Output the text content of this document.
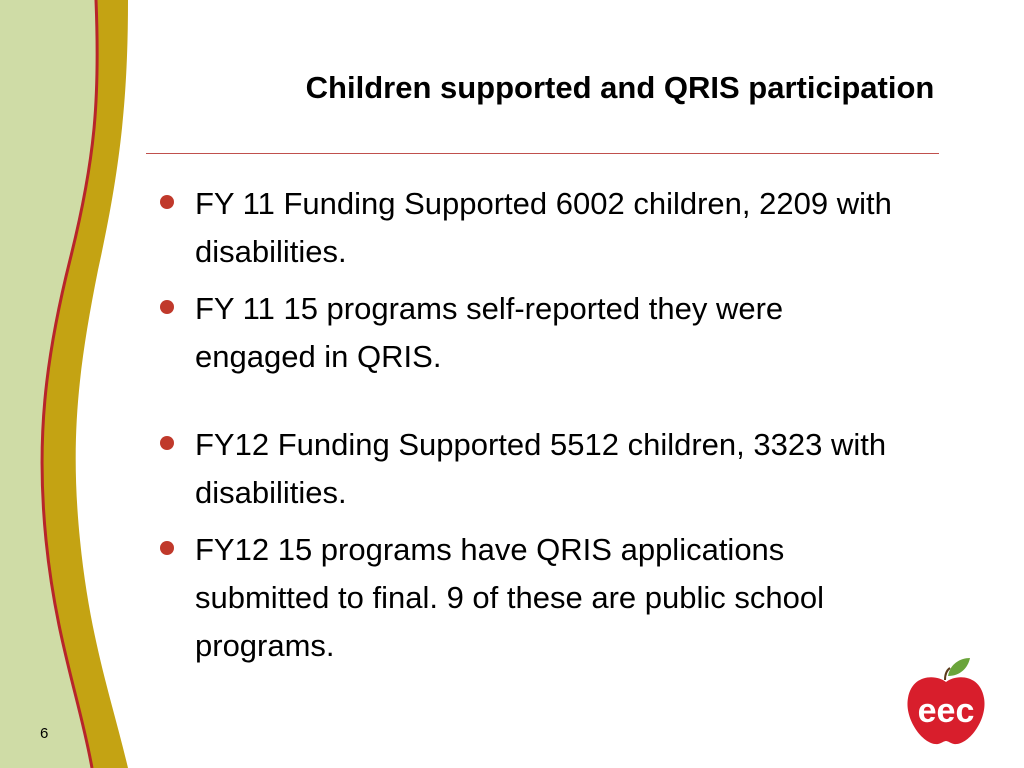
Children supported and QRIS participation
FY 11 Funding Supported 6002 children, 2209 with disabilities.
FY 11 15 programs self-reported they were engaged in QRIS.
FY12 Funding Supported 5512 children, 3323 with disabilities.
FY12 15 programs have QRIS applications submitted to final. 9 of these are public school programs.
6
eec
